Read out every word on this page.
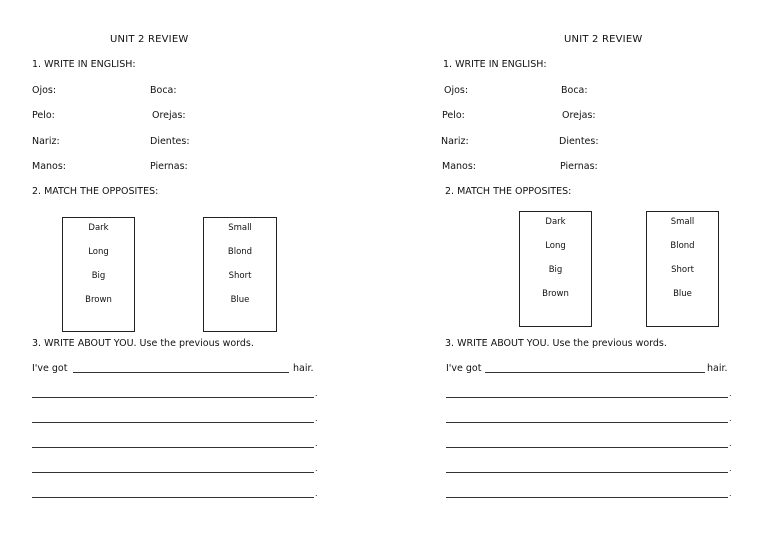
UNIT 2 REVIEW
1. WRITE IN ENGLISH:
Ojos:
Pelo:
Nariz:
Manos:
Boca:
Orejas:
Dientes:
Piernas:
2. MATCH THE OPPOSITES:
Dark
Long
Big
Brown
Small
Blond
Short
Blue
3. WRITE ABOUT YOU. Use the previous words.
I've got	hair.
.
.
.
.
.
UNIT 2 REVIEW
1. WRITE IN ENGLISH:
Ojos:
Pelo:
Nariz:
Manos:
Boca:
Orejas:
Dientes:
Piernas:
2. MATCH THE OPPOSITES:
Dark
Long
Big
Brown
Small
Blond
Short
Blue
3. WRITE ABOUT YOU. Use the previous words.
I've got	hair.
.
.
.
.
.
